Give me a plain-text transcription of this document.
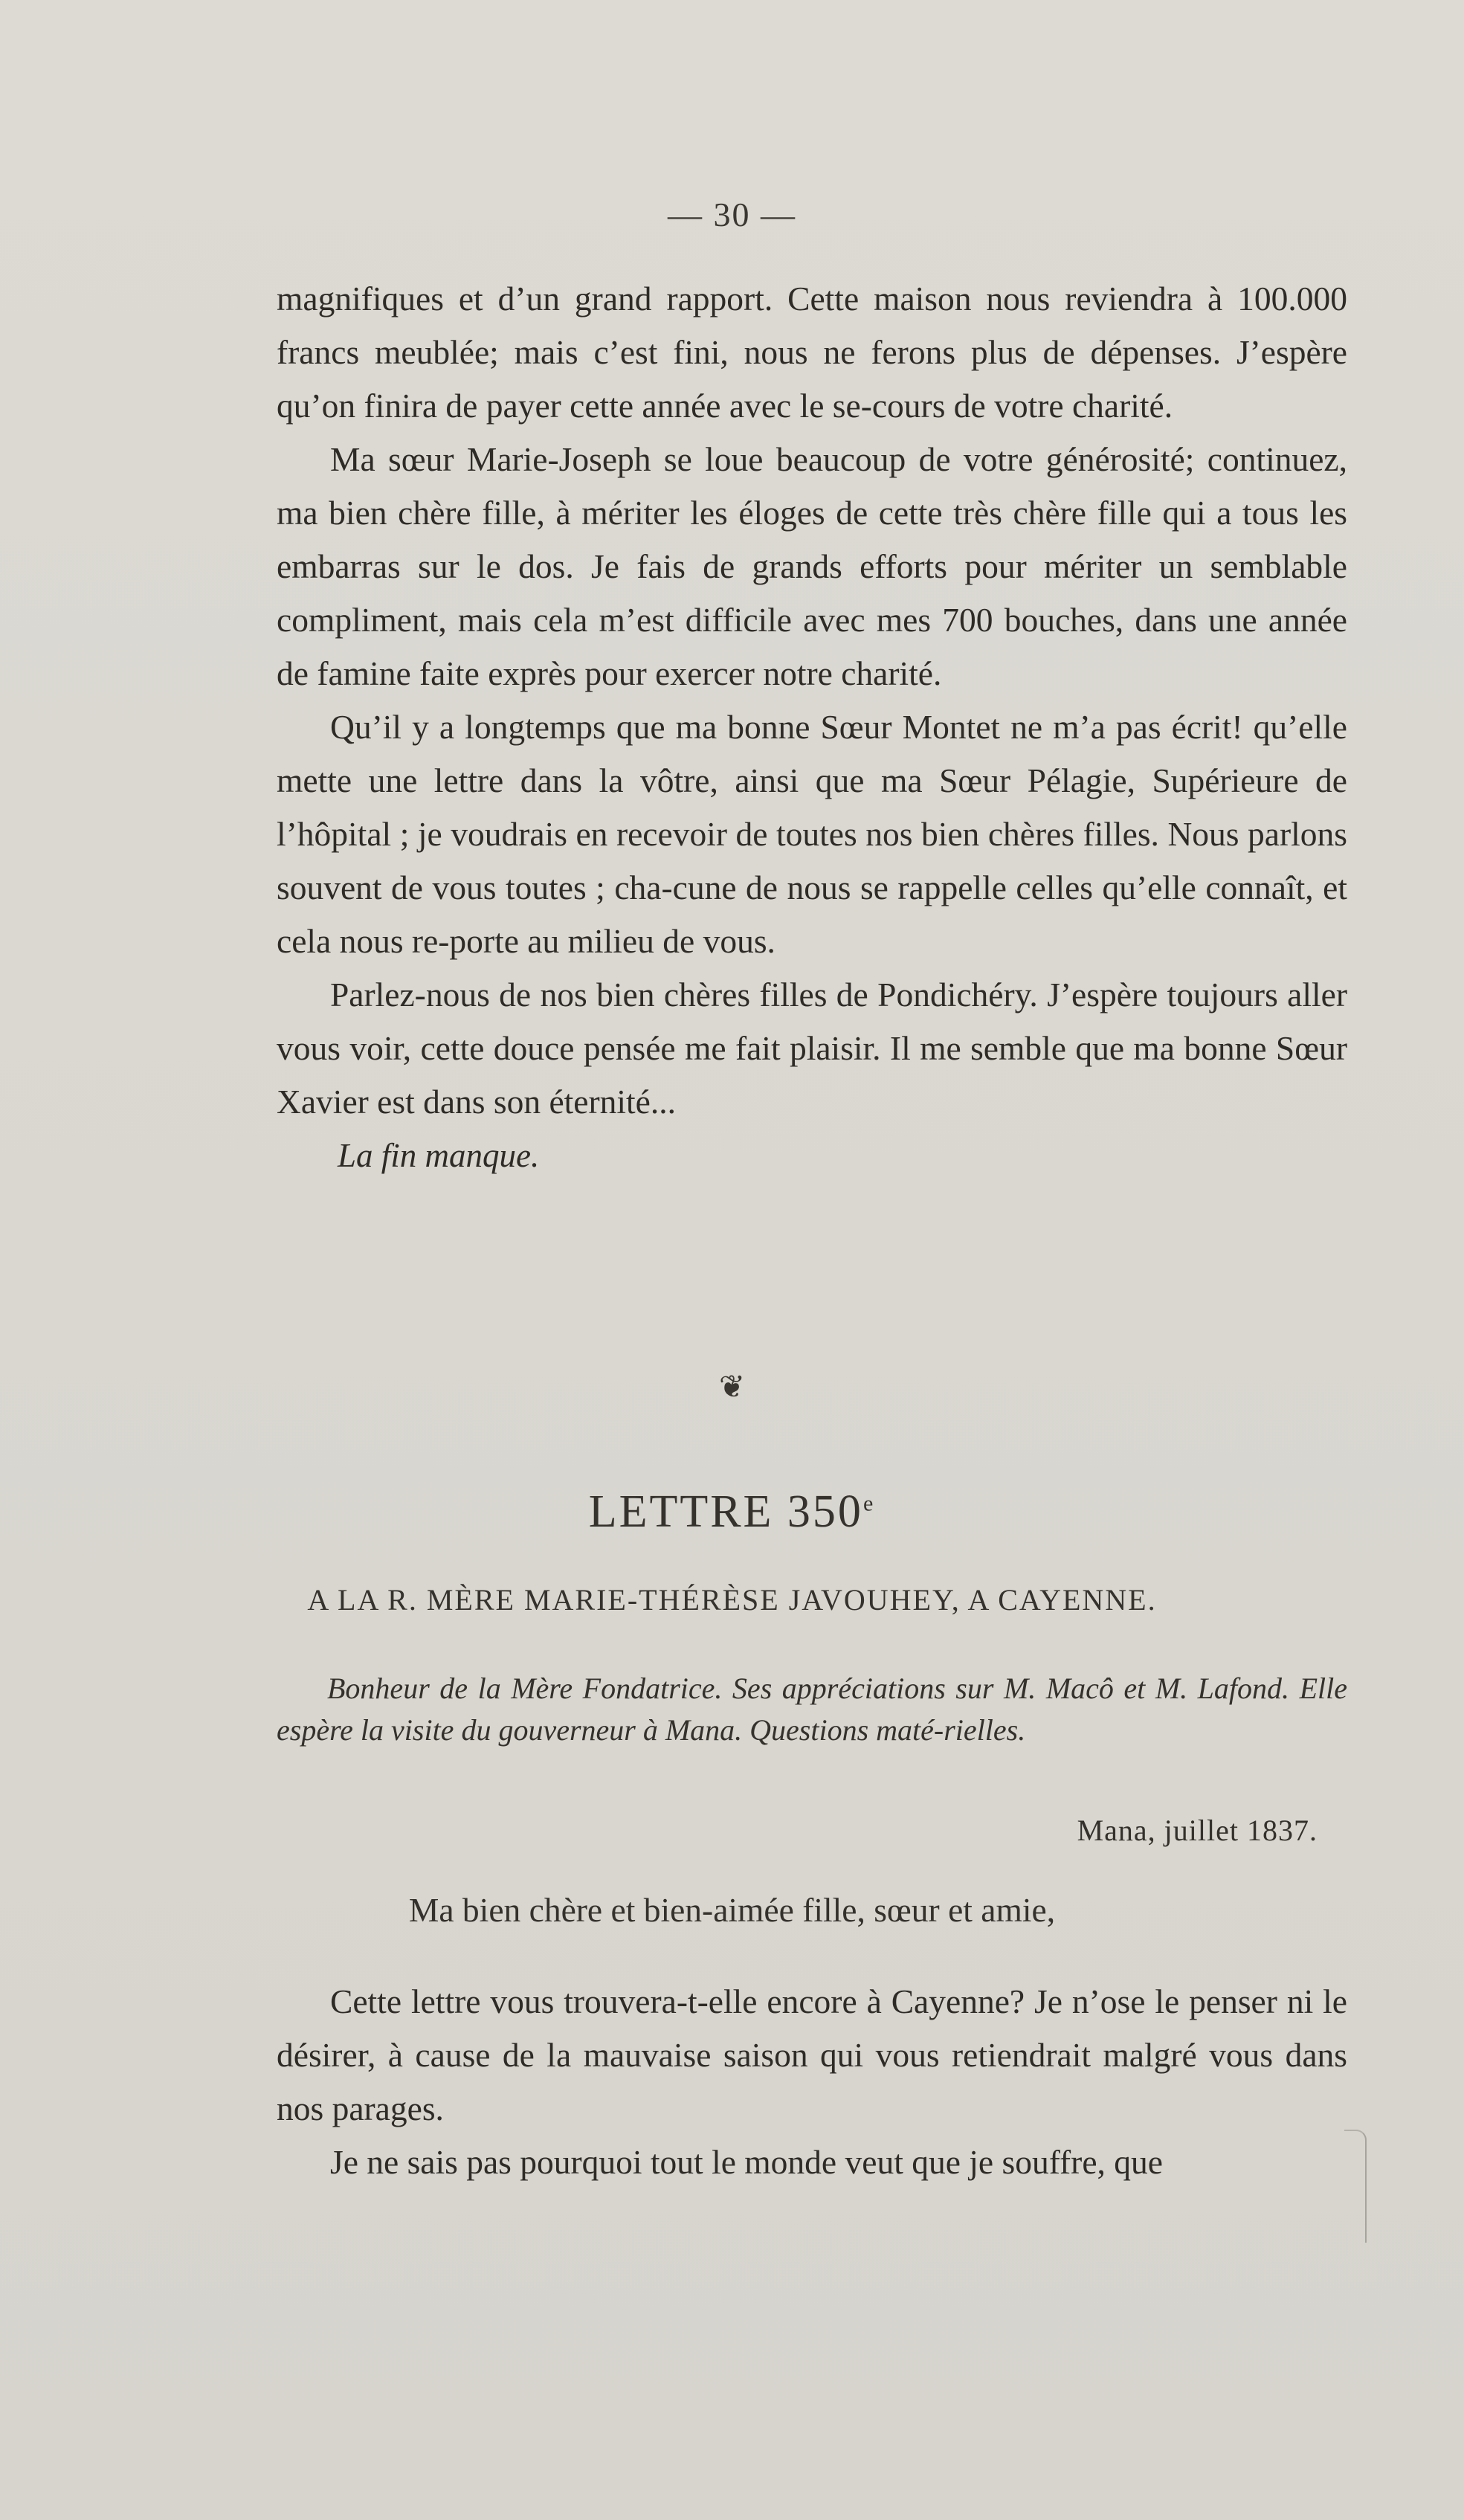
— 30 —

magnifiques et d’un grand rapport. Cette maison nous reviendra à 100.000 francs meublée; mais c’est fini, nous ne ferons plus de dépenses. J’espère qu’on finira de payer cette année avec le se-cours de votre charité.

Ma sœur Marie-Joseph se loue beaucoup de votre générosité; continuez, ma bien chère fille, à mériter les éloges de cette très chère fille qui a tous les embarras sur le dos. Je fais de grands efforts pour mériter un semblable compliment, mais cela m’est difficile avec mes 700 bouches, dans une année de famine faite exprès pour exercer notre charité.

Qu’il y a longtemps que ma bonne Sœur Montet ne m’a pas écrit! qu’elle mette une lettre dans la vôtre, ainsi que ma Sœur Pélagie, Supérieure de l’hôpital ; je voudrais en recevoir de toutes nos bien chères filles. Nous parlons souvent de vous toutes ; cha-cune de nous se rappelle celles qu’elle connaît, et cela nous re-porte au milieu de vous.

Parlez-nous de nos bien chères filles de Pondichéry. J’espère toujours aller vous voir, cette douce pensée me fait plaisir. Il me semble que ma bonne Sœur Xavier est dans son éternité...

La fin manque.

❦
LETTRE 350e
A LA R. MÈRE MARIE-THÉRÈSE JAVOUHEY, A CAYENNE.

Bonheur de la Mère Fondatrice. Ses appréciations sur M. Macô et M. Lafond. Elle espère la visite du gouverneur à Mana. Questions maté-rielles.

Mana, juillet 1837.
Ma bien chère et bien-aimée fille, sœur et amie,

Cette lettre vous trouvera-t-elle encore à Cayenne? Je n’ose le penser ni le désirer, à cause de la mauvaise saison qui vous retiendrait malgré vous dans nos parages.

Je ne sais pas pourquoi tout le monde veut que je souffre, que
